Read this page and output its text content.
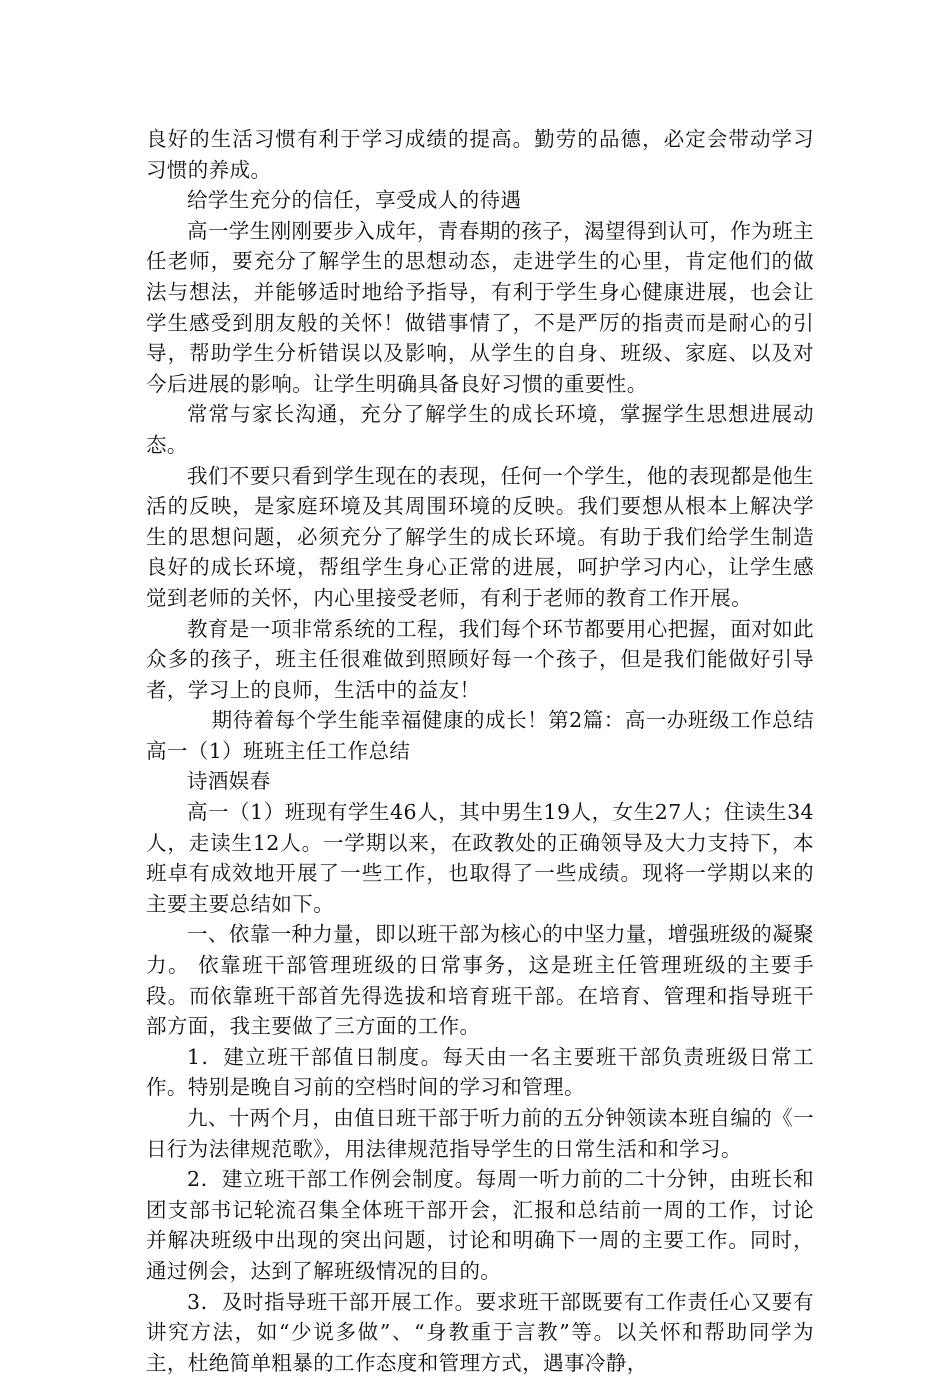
良好的生活习惯有利于学习成绩的提高。勤劳的品德，必定会带动学习习惯的养成。

给学生充分的信任，享受成人的待遇

高一学生刚刚要步入成年，青春期的孩子，渴望得到认可，作为班主任老师，要充分了解学生的思想动态，走进学生的心里，肯定他们的做法与想法，并能够适时地给予指导，有利于学生身心健康进展，也会让学生感受到朋友般的关怀！做错事情了，不是严厉的指责而是耐心的引导，帮助学生分析错误以及影响，从学生的自身、班级、家庭、以及对今后进展的影响。让学生明确具备良好习惯的重要性。

常常与家长沟通，充分了解学生的成长环境，掌握学生思想进展动态。

我们不要只看到学生现在的表现，任何一个学生，他的表现都是他生活的反映，是家庭环境及其周围环境的反映。我们要想从根本上解决学生的思想问题，必须充分了解学生的成长环境。有助于我们给学生制造良好的成长环境，帮组学生身心正常的进展，呵护学习内心，让学生感觉到老师的关怀，内心里接受老师，有利于老师的教育工作开展。

教育是一项非常系统的工程，我们每个环节都要用心把握，面对如此众多的孩子，班主任很难做到照顾好每一个孩子，但是我们能做好引导者，学习上的良师，生活中的益友！

期待着每个学生能幸福健康的成长！第2篇：高一办班级工作总结高一（1）班班主任工作总结

诗酒娱春

高一（1）班现有学生46人，其中男生19人，女生27人；住读生34人，走读生12人。一学期以来，在政教处的正确领导及大力支持下，本班卓有成效地开展了一些工作，也取得了一些成绩。现将一学期以来的主要主要总结如下。

一、依靠一种力量，即以班干部为核心的中坚力量，增强班级的凝聚力。 依靠班干部管理班级的日常事务，这是班主任管理班级的主要手段。而依靠班干部首先得选拔和培育班干部。在培育、管理和指导班干部方面，我主要做了三方面的工作。

1．建立班干部值日制度。每天由一名主要班干部负责班级日常工作。特别是晚自习前的空档时间的学习和管理。

九、十两个月，由值日班干部于听力前的五分钟领读本班自编的《一日行为法律规范歌》，用法律规范指导学生的日常生活和和学习。

2．建立班干部工作例会制度。每周一听力前的二十分钟，由班长和团支部书记轮流召集全体班干部开会，汇报和总结前一周的工作，讨论并解决班级中出现的突出问题，讨论和明确下一周的主要工作。同时，通过例会，达到了解班级情况的目的。

3．及时指导班干部开展工作。要求班干部既要有工作责任心又要有讲究方法，如“少说多做”、“身教重于言教”等。以关怀和帮助同学为主，杜绝简单粗暴的工作态度和管理方式，遇事冷静，
